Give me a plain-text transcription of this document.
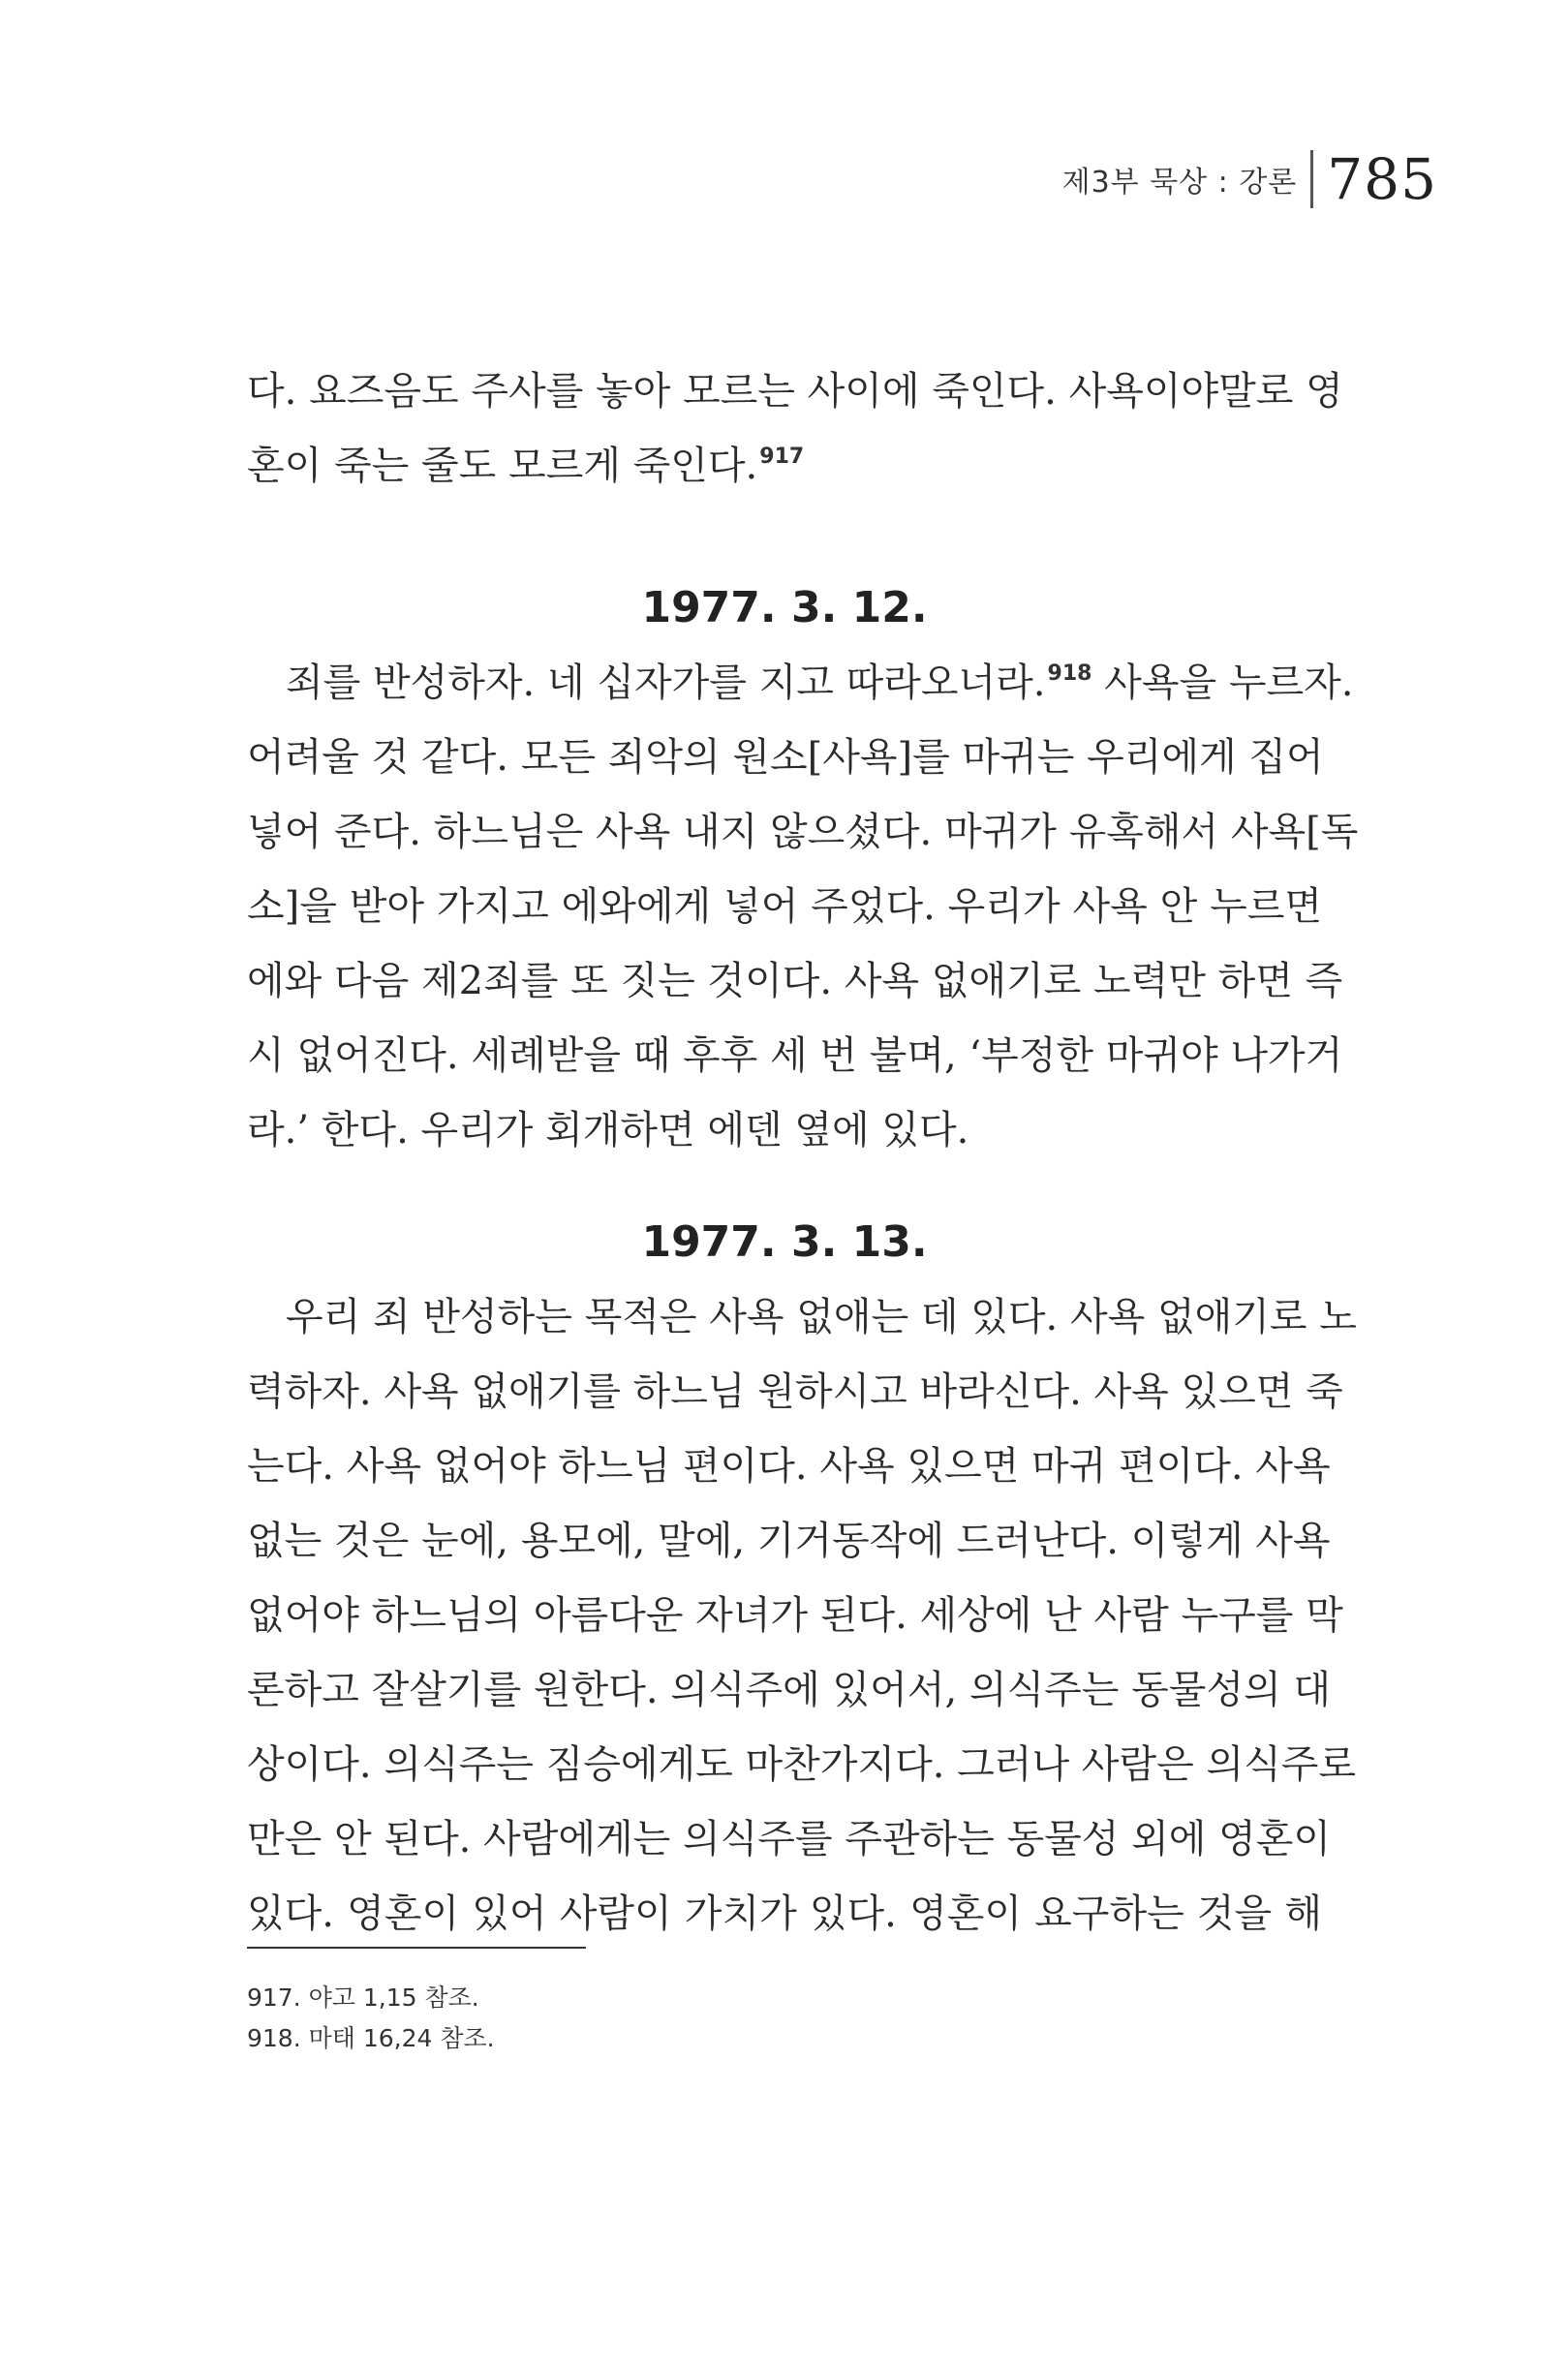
제3부 묵상 : 강론 785
다. 요즈음도 주사를 놓아 모르는 사이에 죽인다. 사욕이야말로 영
혼이 죽는 줄도 모르게 죽인다.$^{917}$
1977. 3. 12.
죄를 반성하자. 네 십자가를 지고 따라오너라.$^{918}$ 사욕을 누르자.
어려울 것 같다. 모든 죄악의 원소[사욕]를 마귀는 우리에게 집어
넣어 준다. 하느님은 사욕 내지 않으셨다. 마귀가 유혹해서 사욕[독
소]을 받아 가지고 에와에게 넣어 주었다. 우리가 사욕 안 누르면
에와 다음 제2죄를 또 짓는 것이다. 사욕 없애기로 노력만 하면 즉
시 없어진다. 세례받을 때 후후 세 번 불며, ‘부정한 마귀야 나가거
라.’ 한다. 우리가 회개하면 에덴 옆에 있다.
1977. 3. 13.
우리 죄 반성하는 목적은 사욕 없애는 데 있다. 사욕 없애기로 노
력하자. 사욕 없애기를 하느님 원하시고 바라신다. 사욕 있으면 죽
는다. 사욕 없어야 하느님 편이다. 사욕 있으면 마귀 편이다. 사욕
없는 것은 눈에, 용모에, 말에, 기거동작에 드러난다. 이렇게 사욕
없어야 하느님의 아름다운 자녀가 된다. 세상에 난 사람 누구를 막
론하고 잘살기를 원한다. 의식주에 있어서, 의식주는 동물성의 대
상이다. 의식주는 짐승에게도 마찬가지다. 그러나 사람은 의식주로
만은 안 된다. 사람에게는 의식주를 주관하는 동물성 외에 영혼이
있다. 영혼이 있어 사람이 가치가 있다. 영혼이 요구하는 것을 해
917. 야고 1,15 참조.
918. 마태 16,24 참조.
